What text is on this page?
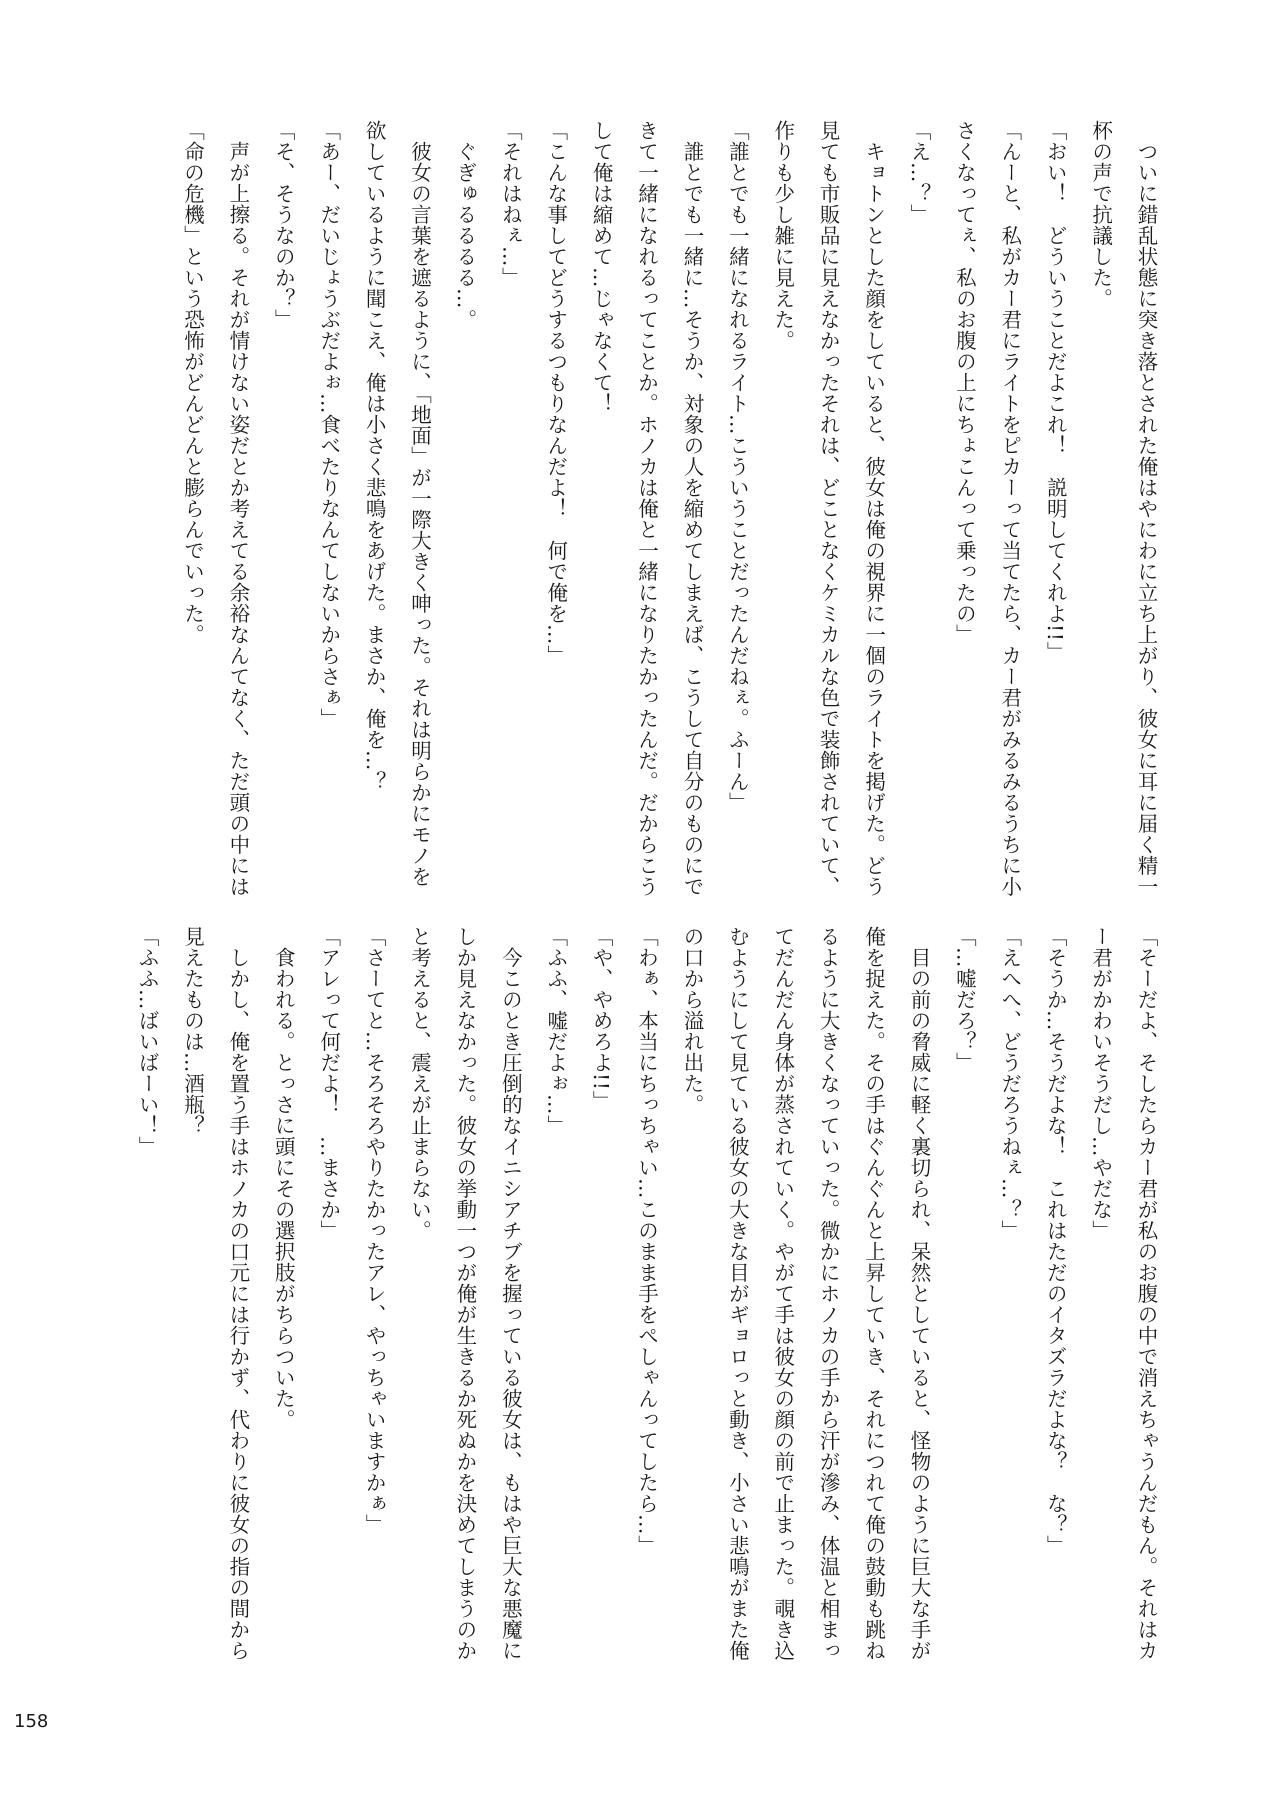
ついに錯乱状態に突き落とされた俺はやにわに立ち上がり、彼女に耳に届く精一杯の声で抗議した。

「おい！　どういうことだよこれ！　説明してくれよ!!」

「んーと、私がカー君にライトをピカーって当てたら、カー君がみるみるうちに小さくなってぇ、私のお腹の上にちょこんって乗ったの」

「え…？」

キョトンとした顔をしていると、彼女は俺の視界に一個のライトを掲げた。どう見ても市販品に見えなかったそれは、どことなくケミカルな色で装飾されていて、作りも少し雑に見えた。

「誰とでも一緒になれるライト…こういうことだったんだねぇ。ふーん」

誰とでも一緒に…そうか、対象の人を縮めてしまえば、こうして自分のものにできて一緒になれるってことか。ホノカは俺と一緒になりたかったんだ。だからこうして俺は縮めて…じゃなくて！

「こんな事してどうするつもりなんだよ！　何で俺を…」

「それはねぇ…」

ぐぎゅるるるる…。

彼女の言葉を遮るように、「地面」が一際大きく呻った。それは明らかにモノを欲しているように聞こえ、俺は小さく悲鳴をあげた。まさか、俺を…？

「あー、だいじょうぶだよぉ…食べたりなんてしないからさぁ」

「そ、そうなのか？」

声が上擦る。それが情けない姿だとか考えてる余裕なんてなく、ただ頭の中には「命の危機」という恐怖がどんどんと膨らんでいった。

「そーだよ、そしたらカー君が私のお腹の中で消えちゃうんだもん。それはカー君がかわいそうだし…やだな」

「そうか…そうだよな！　これはただのイタズラだよな？　な？」

「えへへ、どうだろうねぇ…？」

「…嘘だろ？」

目の前の脅威に軽く裏切られ、呆然としていると、怪物のように巨大な手が俺を捉えた。その手はぐんぐんと上昇していき、それにつれて俺の鼓動も跳ねるように大きくなっていった。微かにホノカの手から汗が滲み、体温と相まってだんだん身体が蒸されていく。やがて手は彼女の顔の前で止まった。覗き込むようにして見ている彼女の大きな目がギョロっと動き、小さい悲鳴がまた俺の口から溢れ出た。

「わぁ、本当にちっちゃい…このまま手をぺしゃんってしたら…」

「や、やめろよ!!」

「ふふ、嘘だよぉ…」

今このとき圧倒的なイニシアチブを握っている彼女は、もはや巨大な悪魔にしか見えなかった。彼女の挙動一つが俺が生きるか死ぬかを決めてしまうのかと考えると、震えが止まらない。

「さーてと…そろそろやりたかったアレ、やっちゃいますかぁ」

「アレって何だよ！　…まさか」

食われる。とっさに頭にその選択肢がちらついた。

しかし、俺を置う手はホノカの口元には行かず、代わりに彼女の指の間から見えたものは…酒瓶？

「ふふ…ばいばーい！」

158
